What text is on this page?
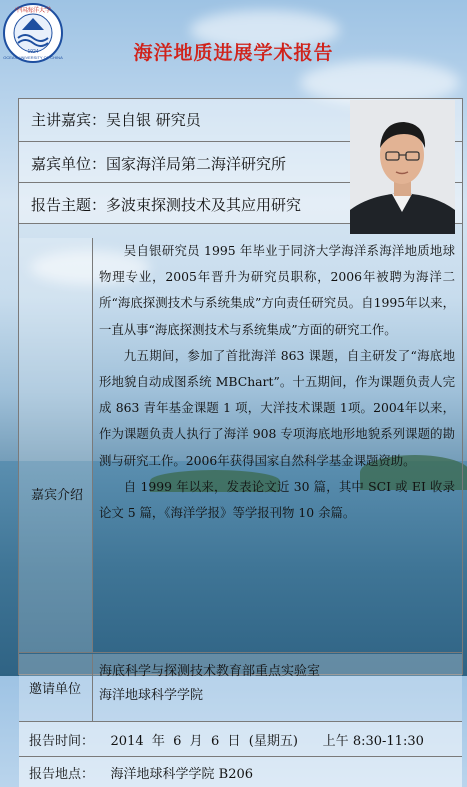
中国海洋大学
OCEAN UNIVERSITY OF CHINA
1924	海洋地质进展学术报告
主讲嘉宾：吴自银 研究员
嘉宾单位：国家海洋局第二海洋研究所
报告主题：多波束探测技术及其应用研究
嘉宾介绍

吴自银研究员 1995 年毕业于同济大学海洋系海洋地质地球物理专业，2005年晋升为研究员职称，2006年被聘为海洋二所“海底探测技术与系统集成”方向责任研究员。自1995年以来，一直从事“海底探测技术与系统集成”方面的研究工作。

九五期间，参加了首批海洋 863 课题，自主研发了“海底地形地貌自动成图系统 MBChart”。十五期间，作为课题负责人完成 863 青年基金课题 1 项，大洋技术课题 1项。2004年以来，作为课题负责人执行了海洋 908 专项海底地形地貌系列课题的勘测与研究工作。2006年获得国家自然科学基金课题资助。

自 1999 年以来，发表论文近 30 篇，其中 SCI 或 EI 收录论文 5 篇，《海洋学报》等学报刊物 10 余篇。

邀请单位
海底科学与探测技术教育部重点实验室
海洋地球科学学院
报告时间：    2014  年  6  月  6  日  (星期五)      上午 8:30-11:30
报告地点：    海洋地球科学学院 B206
